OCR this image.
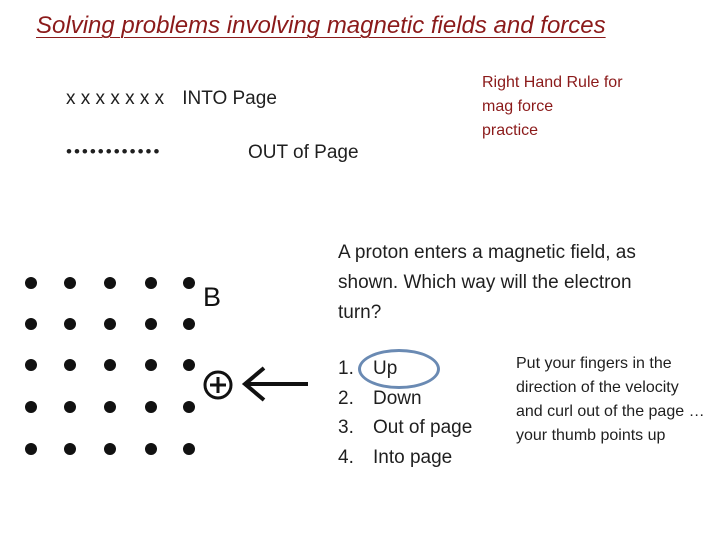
Solving problems involving magnetic fields and forces
x x x x x x x INTO Page
••••••••••••	OUT of Page
Right Hand Rule for
mag force
practice
B
A proton enters a magnetic field, as shown. Which way will the electron turn?
1. Up
2. Down
3. Out of page
4. Into page
Put your fingers in the direction of the velocity and curl out of the page … your thumb points up
